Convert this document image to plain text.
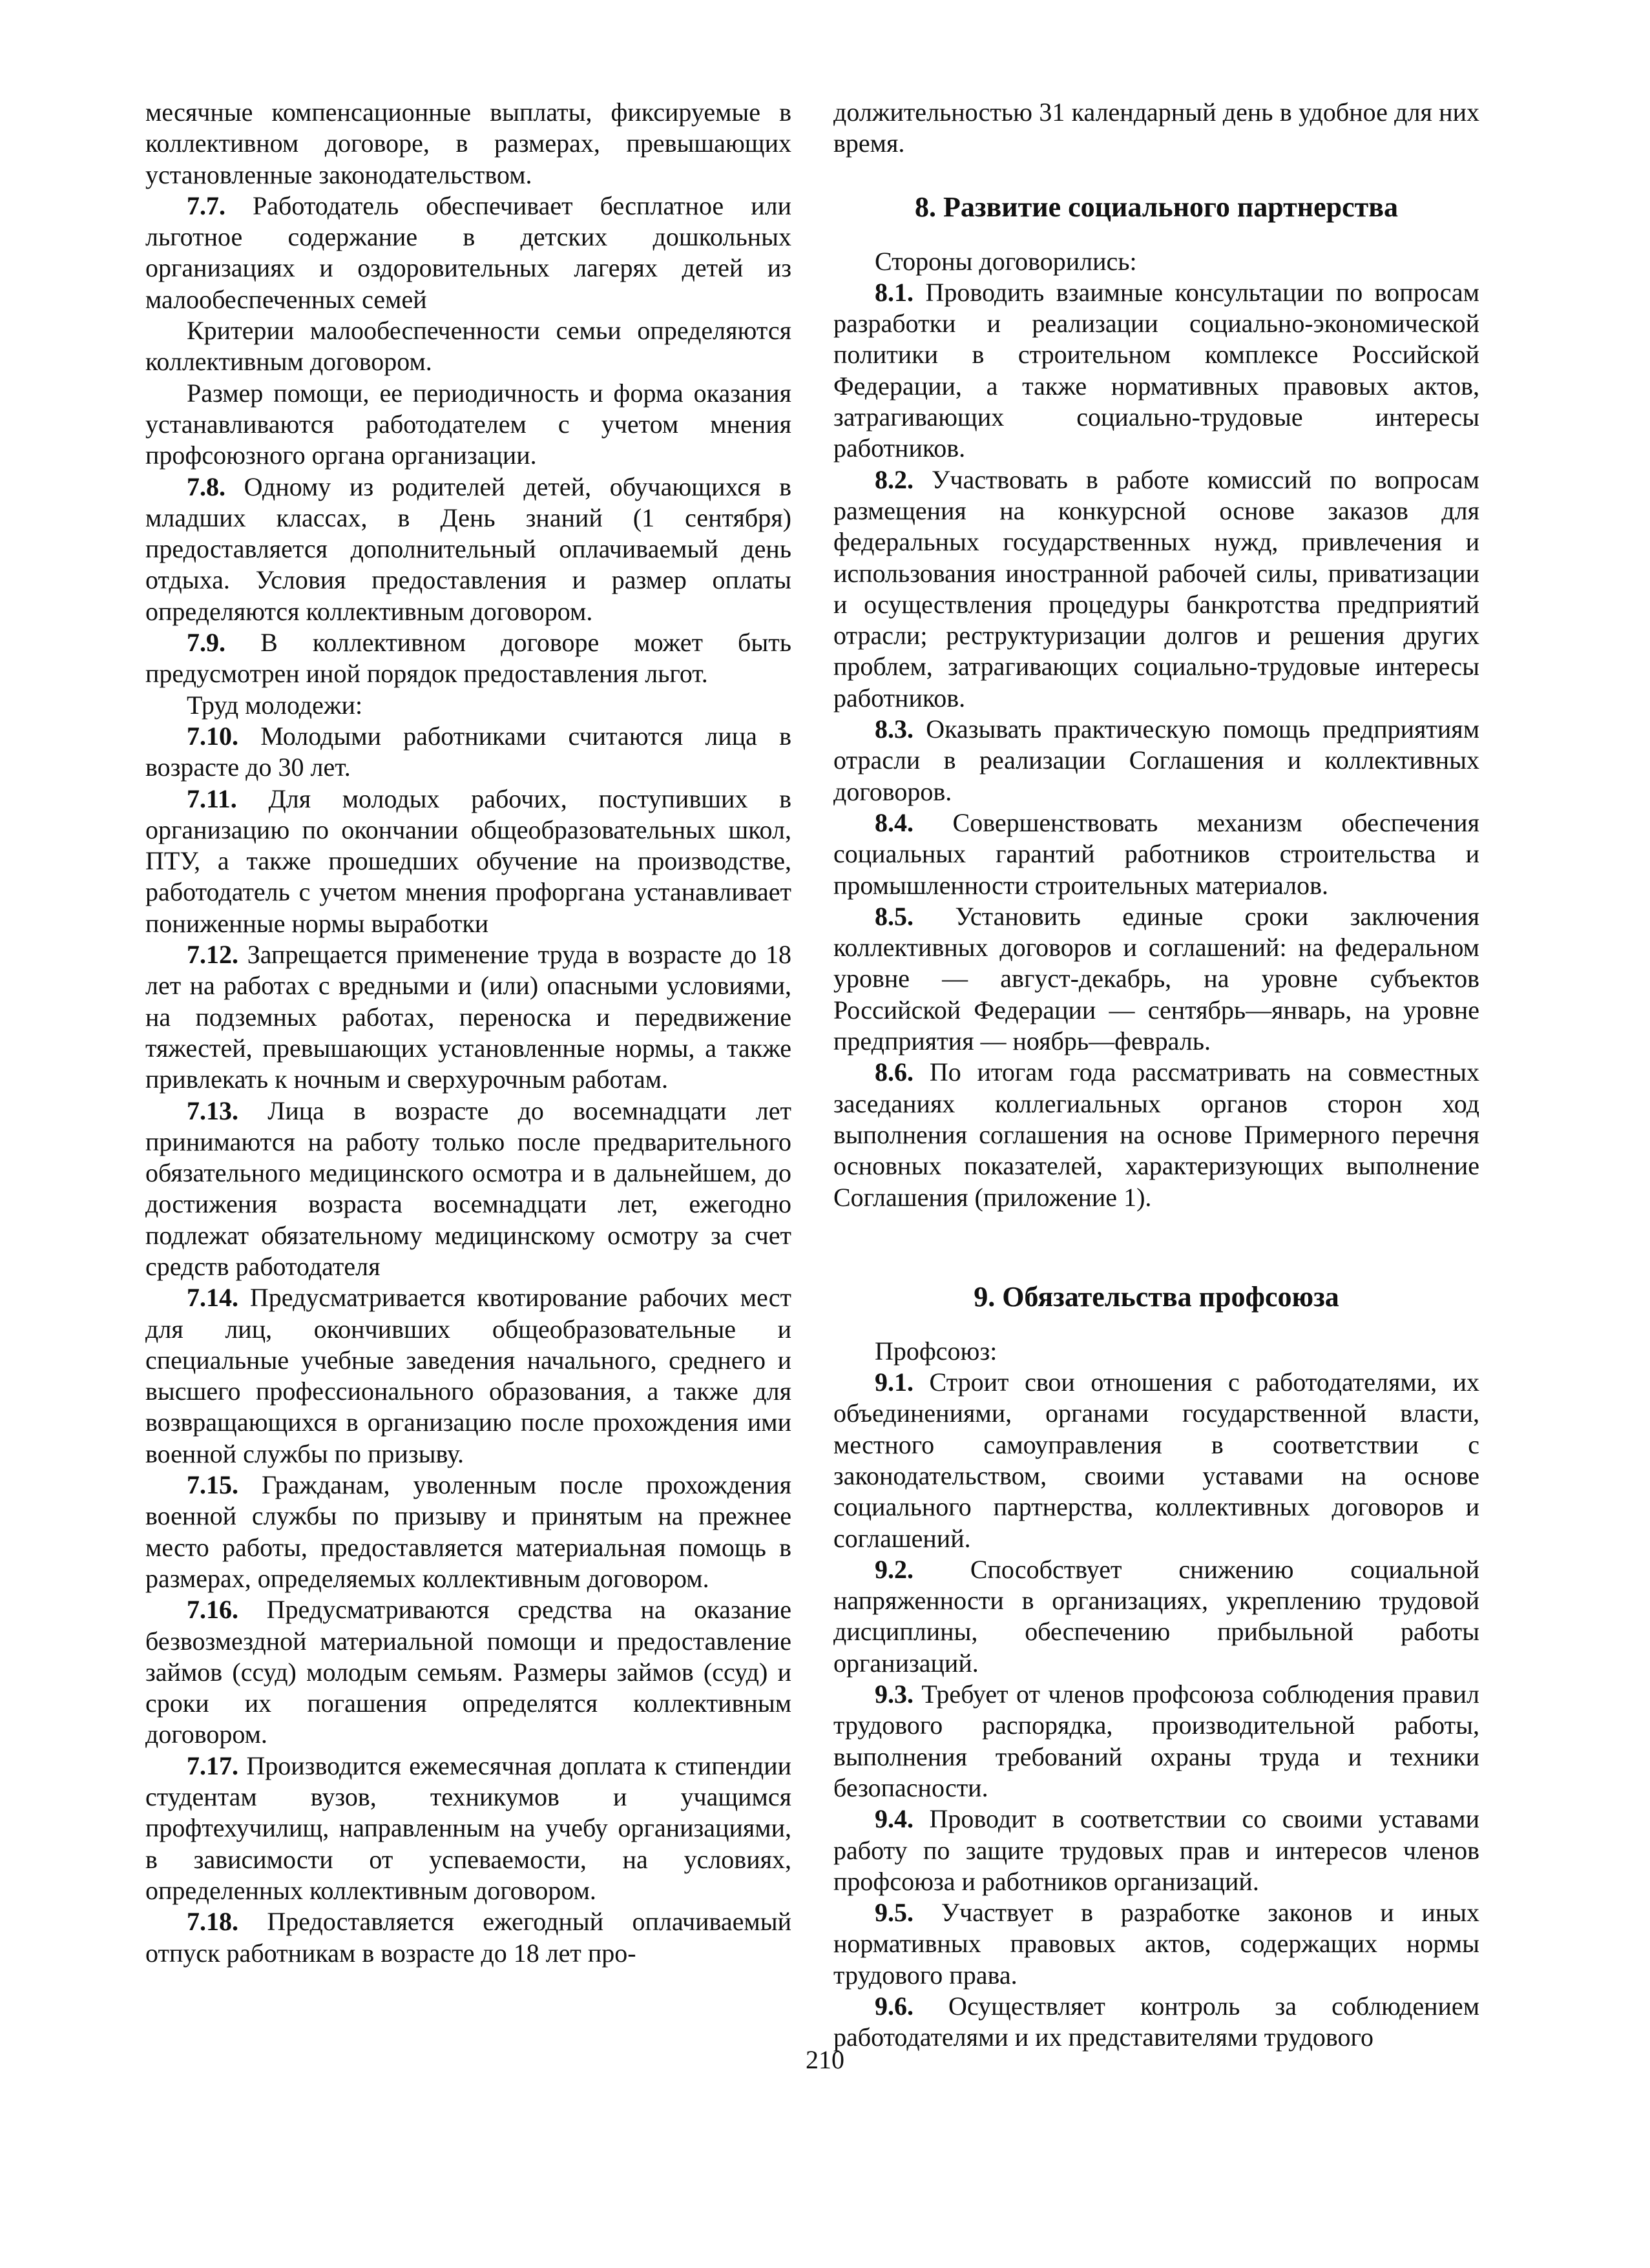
месячные компенсационные выплаты, фиксируемые в коллективном договоре, в размерах, превышающих установленные законодательством.

7.7. Работодатель обеспечивает бесплатное или льготное содержание в детских дошкольных организациях и оздоровительных лагерях детей из малообеспеченных семей

Критерии малообеспеченности семьи определяются коллективным договором.

Размер помощи, ее периодичность и форма оказания устанавливаются работодателем с учетом мнения профсоюзного органа организации.

7.8. Одному из родителей детей, обучающихся в младших классах, в День знаний (1 сентября) предоставляется дополнительный оплачиваемый день отдыха. Условия предоставления и размер оплаты определяются коллективным договором.

7.9. В коллективном договоре может быть предусмотрен иной порядок предоставления льгот.

Труд молодежи:

7.10. Молодыми работниками считаются лица в возрасте до 30 лет.

7.11. Для молодых рабочих, поступивших в организацию по окончании общеобразовательных школ, ПТУ, а также прошедших обучение на производстве, работодатель с учетом мнения профоргана устанавливает пониженные нормы выработки

7.12. Запрещается применение труда в возрасте до 18 лет на работах с вредными и (или) опасными условиями, на подземных работах, переноска и передвижение тяжестей, превышающих установленные нормы, а также привлекать к ночным и сверхурочным работам.

7.13. Лица в возрасте до восемнадцати лет принимаются на работу только после предварительного обязательного медицинского осмотра и в дальнейшем, до достижения возраста восемнадцати лет, ежегодно подлежат обязательному медицинскому осмотру за счет средств работодателя

7.14. Предусматривается квотирование рабочих мест для лиц, окончивших общеобразовательные и специальные учебные заведения начального, среднего и высшего профессионального образования, а также для возвращающихся в организацию после прохождения ими военной службы по призыву.

7.15. Гражданам, уволенным после прохождения военной службы по призыву и принятым на прежнее место работы, предоставляется материальная помощь в размерах, определяемых коллективным договором.

7.16. Предусматриваются средства на оказание безвозмездной материальной помощи и предоставление займов (ссуд) молодым семьям. Размеры займов (ссуд) и сроки их погашения определятся коллективным договором.

7.17. Производится ежемесячная доплата к стипендии студентам вузов, техникумов и учащимся профтехучилищ, направленным на учебу организациями, в зависимости от успеваемости, на условиях, определенных коллективным договором.

7.18. Предоставляется ежегодный оплачиваемый отпуск работникам в возрасте до 18 лет про-

должительностью 31 календарный день в удобное для них время.

8. Развитие социального партнерства

Стороны договорились:

8.1. Проводить взаимные консультации по вопросам разработки и реализации социально-экономической политики в строительном комплексе Российской Федерации, а также нормативных правовых актов, затрагивающих социально-трудовые интересы работников.

8.2. Участвовать в работе комиссий по вопросам размещения на конкурсной основе заказов для федеральных государственных нужд, привлечения и использования иностранной рабочей силы, приватизации и осуществления процедуры банкротства предприятий отрасли; реструктуризации долгов и решения других проблем, затрагивающих социально-трудовые интересы работников.

8.3. Оказывать практическую помощь предприятиям отрасли в реализации Соглашения и коллективных договоров.

8.4. Совершенствовать механизм обеспечения социальных гарантий работников строительства и промышленности строительных материалов.

8.5. Установить единые сроки заключения коллективных договоров и соглашений: на федеральном уровне — август-декабрь, на уровне субъектов Российской Федерации — сентябрь—январь, на уровне предприятия — ноябрь—февраль.

8.6. По итогам года рассматривать на совместных заседаниях коллегиальных органов сторон ход выполнения соглашения на основе Примерного перечня основных показателей, характеризующих выполнение Соглашения (приложение 1).

9. Обязательства профсоюза

Профсоюз:

9.1. Строит свои отношения с работодателями, их объединениями, органами государственной власти, местного самоуправления в соответствии с законодательством, своими уставами на основе социального партнерства, коллективных договоров и соглашений.

9.2. Способствует снижению социальной напряженности в организациях, укреплению трудовой дисциплины, обеспечению прибыльной работы организаций.

9.3. Требует от членов профсоюза соблюдения правил трудового распорядка, производительной работы, выполнения требований охраны труда и техники безопасности.

9.4. Проводит в соответствии со своими уставами работу по защите трудовых прав и интересов членов профсоюза и работников организаций.

9.5. Участвует в разработке законов и иных нормативных правовых актов, содержащих нормы трудового права.

9.6. Осуществляет контроль за соблюдением работодателями и их представителями трудового

210
